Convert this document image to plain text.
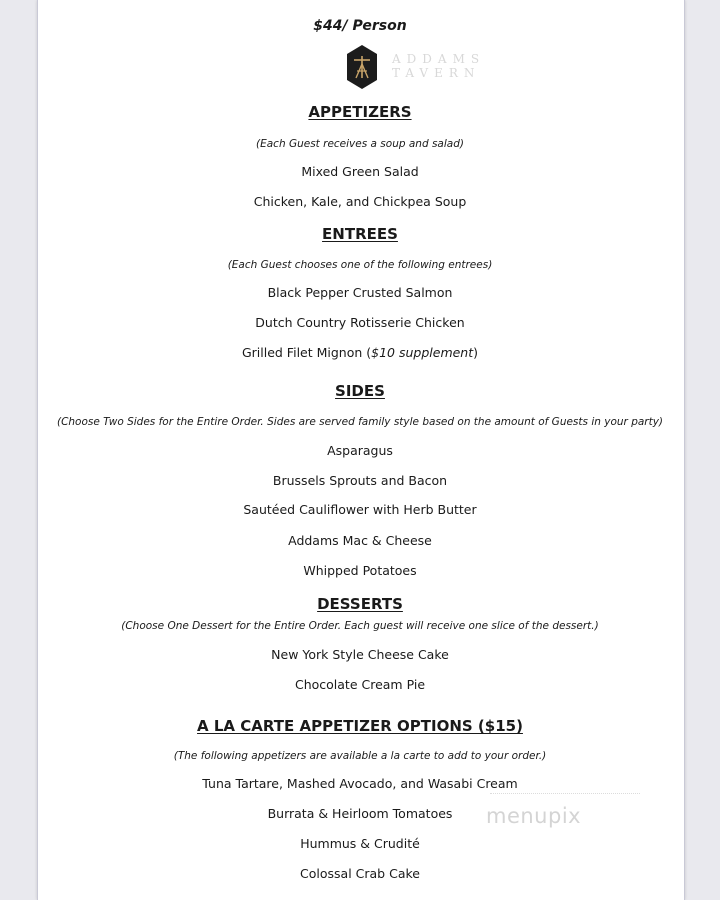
$44/ Person
ADDAMS
TAVERN
APPETIZERS
(Each Guest receives a soup and salad)
Mixed Green Salad
Chicken, Kale, and Chickpea Soup
ENTREES
(Each Guest chooses one of the following entrees)
Black Pepper Crusted Salmon
Dutch Country Rotisserie Chicken
Grilled Filet Mignon ($10 supplement)
SIDES
(Choose Two Sides for the Entire Order. Sides are served family style based on the amount of Guests in your party)
Asparagus
Brussels Sprouts and Bacon
Sautéed Cauliflower with Herb Butter
Addams Mac & Cheese
Whipped Potatoes
DESSERTS
(Choose One Dessert for the Entire Order. Each guest will receive one slice of the dessert.)
New York Style Cheese Cake
Chocolate Cream Pie
A LA CARTE APPETIZER OPTIONS ($15)
(The following appetizers are available a la carte to add to your order.)
Tuna Tartare, Mashed Avocado, and Wasabi Cream
Burrata & Heirloom Tomatoes
Hummus & Crudité
Colossal Crab Cake
menupix
